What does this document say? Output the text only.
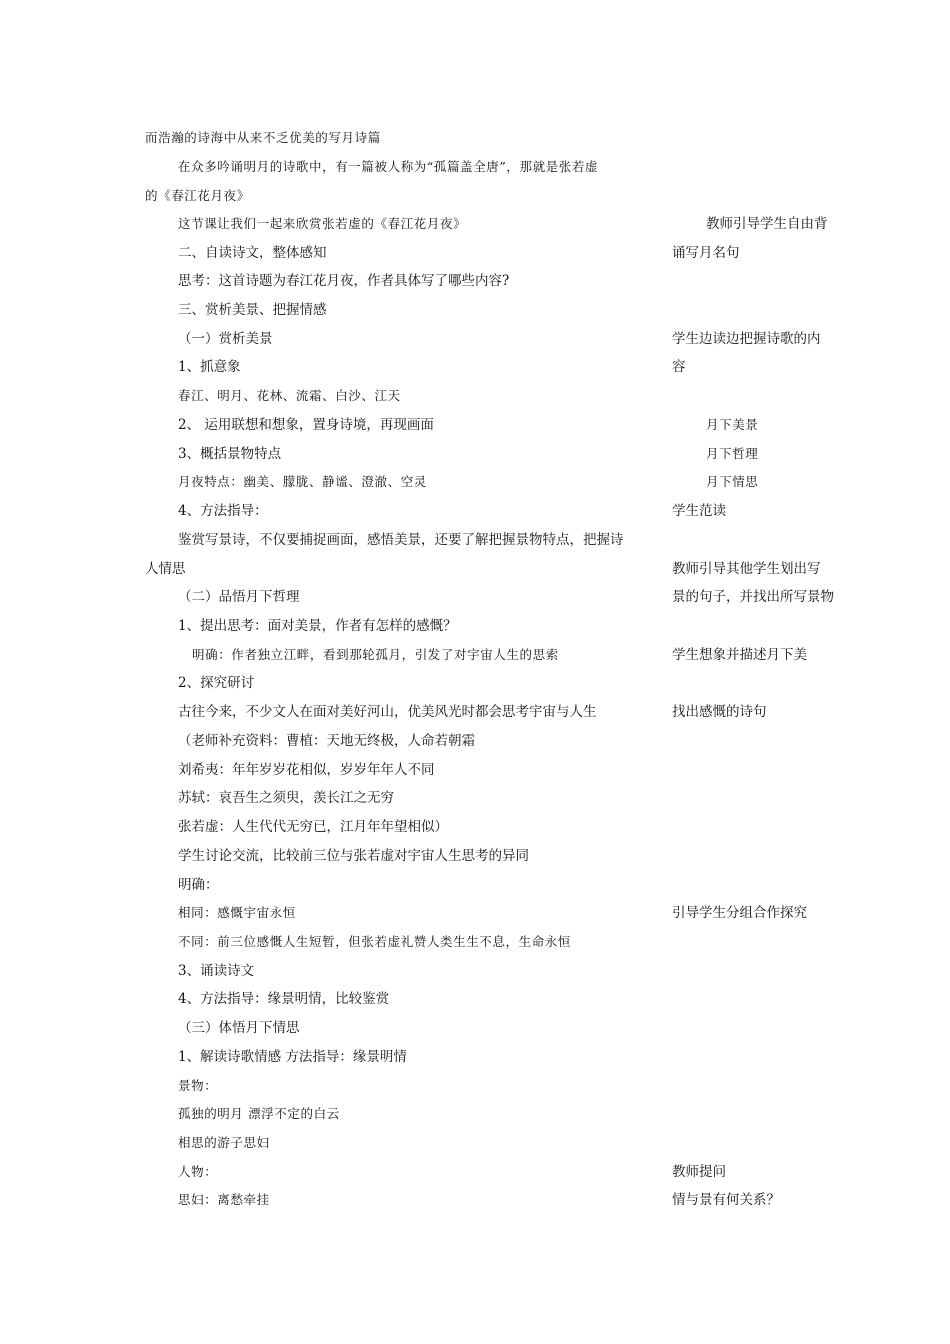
而浩瀚的诗海中从来不乏优美的写月诗篇
在众多吟诵明月的诗歌中，有一篇被人称为“孤篇盖全唐”，那就是张若虚
的《春江花月夜》
这节课让我们一起来欣赏张若虚的《春江花月夜》
二、自读诗文，整体感知
思考：这首诗题为春江花月夜，作者具体写了哪些内容?
三、赏析美景、把握情感
（一）赏析美景
1、抓意象
春江、明月、花林、流霜、白沙、江天
2、 运用联想和想象，置身诗境，再现画面
3、概括景物特点
月夜特点：幽美、朦胧、静谧、澄澈、空灵
4、方法指导：
鉴赏写景诗，不仅要捕捉画面，感悟美景，还要了解把握景物特点，把握诗
人情思
（二）品悟月下哲理
1、提出思考：面对美景，作者有怎样的感慨？
明确：作者独立江畔，看到那轮孤月，引发了对宇宙人生的思索
2、探究研讨
古往今来，不少文人在面对美好河山，优美风光时都会思考宇宙与人生
（老师补充资料：曹植：天地无终极，人命若朝霜
刘希夷：年年岁岁花相似，岁岁年年人不同
苏轼：哀吾生之须臾，羡长江之无穷
张若虚：人生代代无穷已，江月年年望相似）
学生讨论交流，比较前三位与张若虚对宇宙人生思考的异同
明确：
相同：感慨宇宙永恒
不同：前三位感慨人生短暂，但张若虚礼赞人类生生不息，生命永恒
3、诵读诗文
4、方法指导：缘景明情，比较鉴赏
（三）体悟月下情思
1、解读诗歌情感 方法指导：缘景明情
景物：
孤独的明月 漂浮不定的白云
相思的游子思妇
人物：
思妇：离愁牵挂
教师引导学生自由背
诵写月名句
学生边读边把握诗歌的内
容
月下美景
月下哲理
月下情思
学生范读
教师引导其他学生划出写
景的句子，并找出所写景物
学生想象并描述月下美
找出感慨的诗句
引导学生分组合作探究
教师提问
情与景有何关系？
